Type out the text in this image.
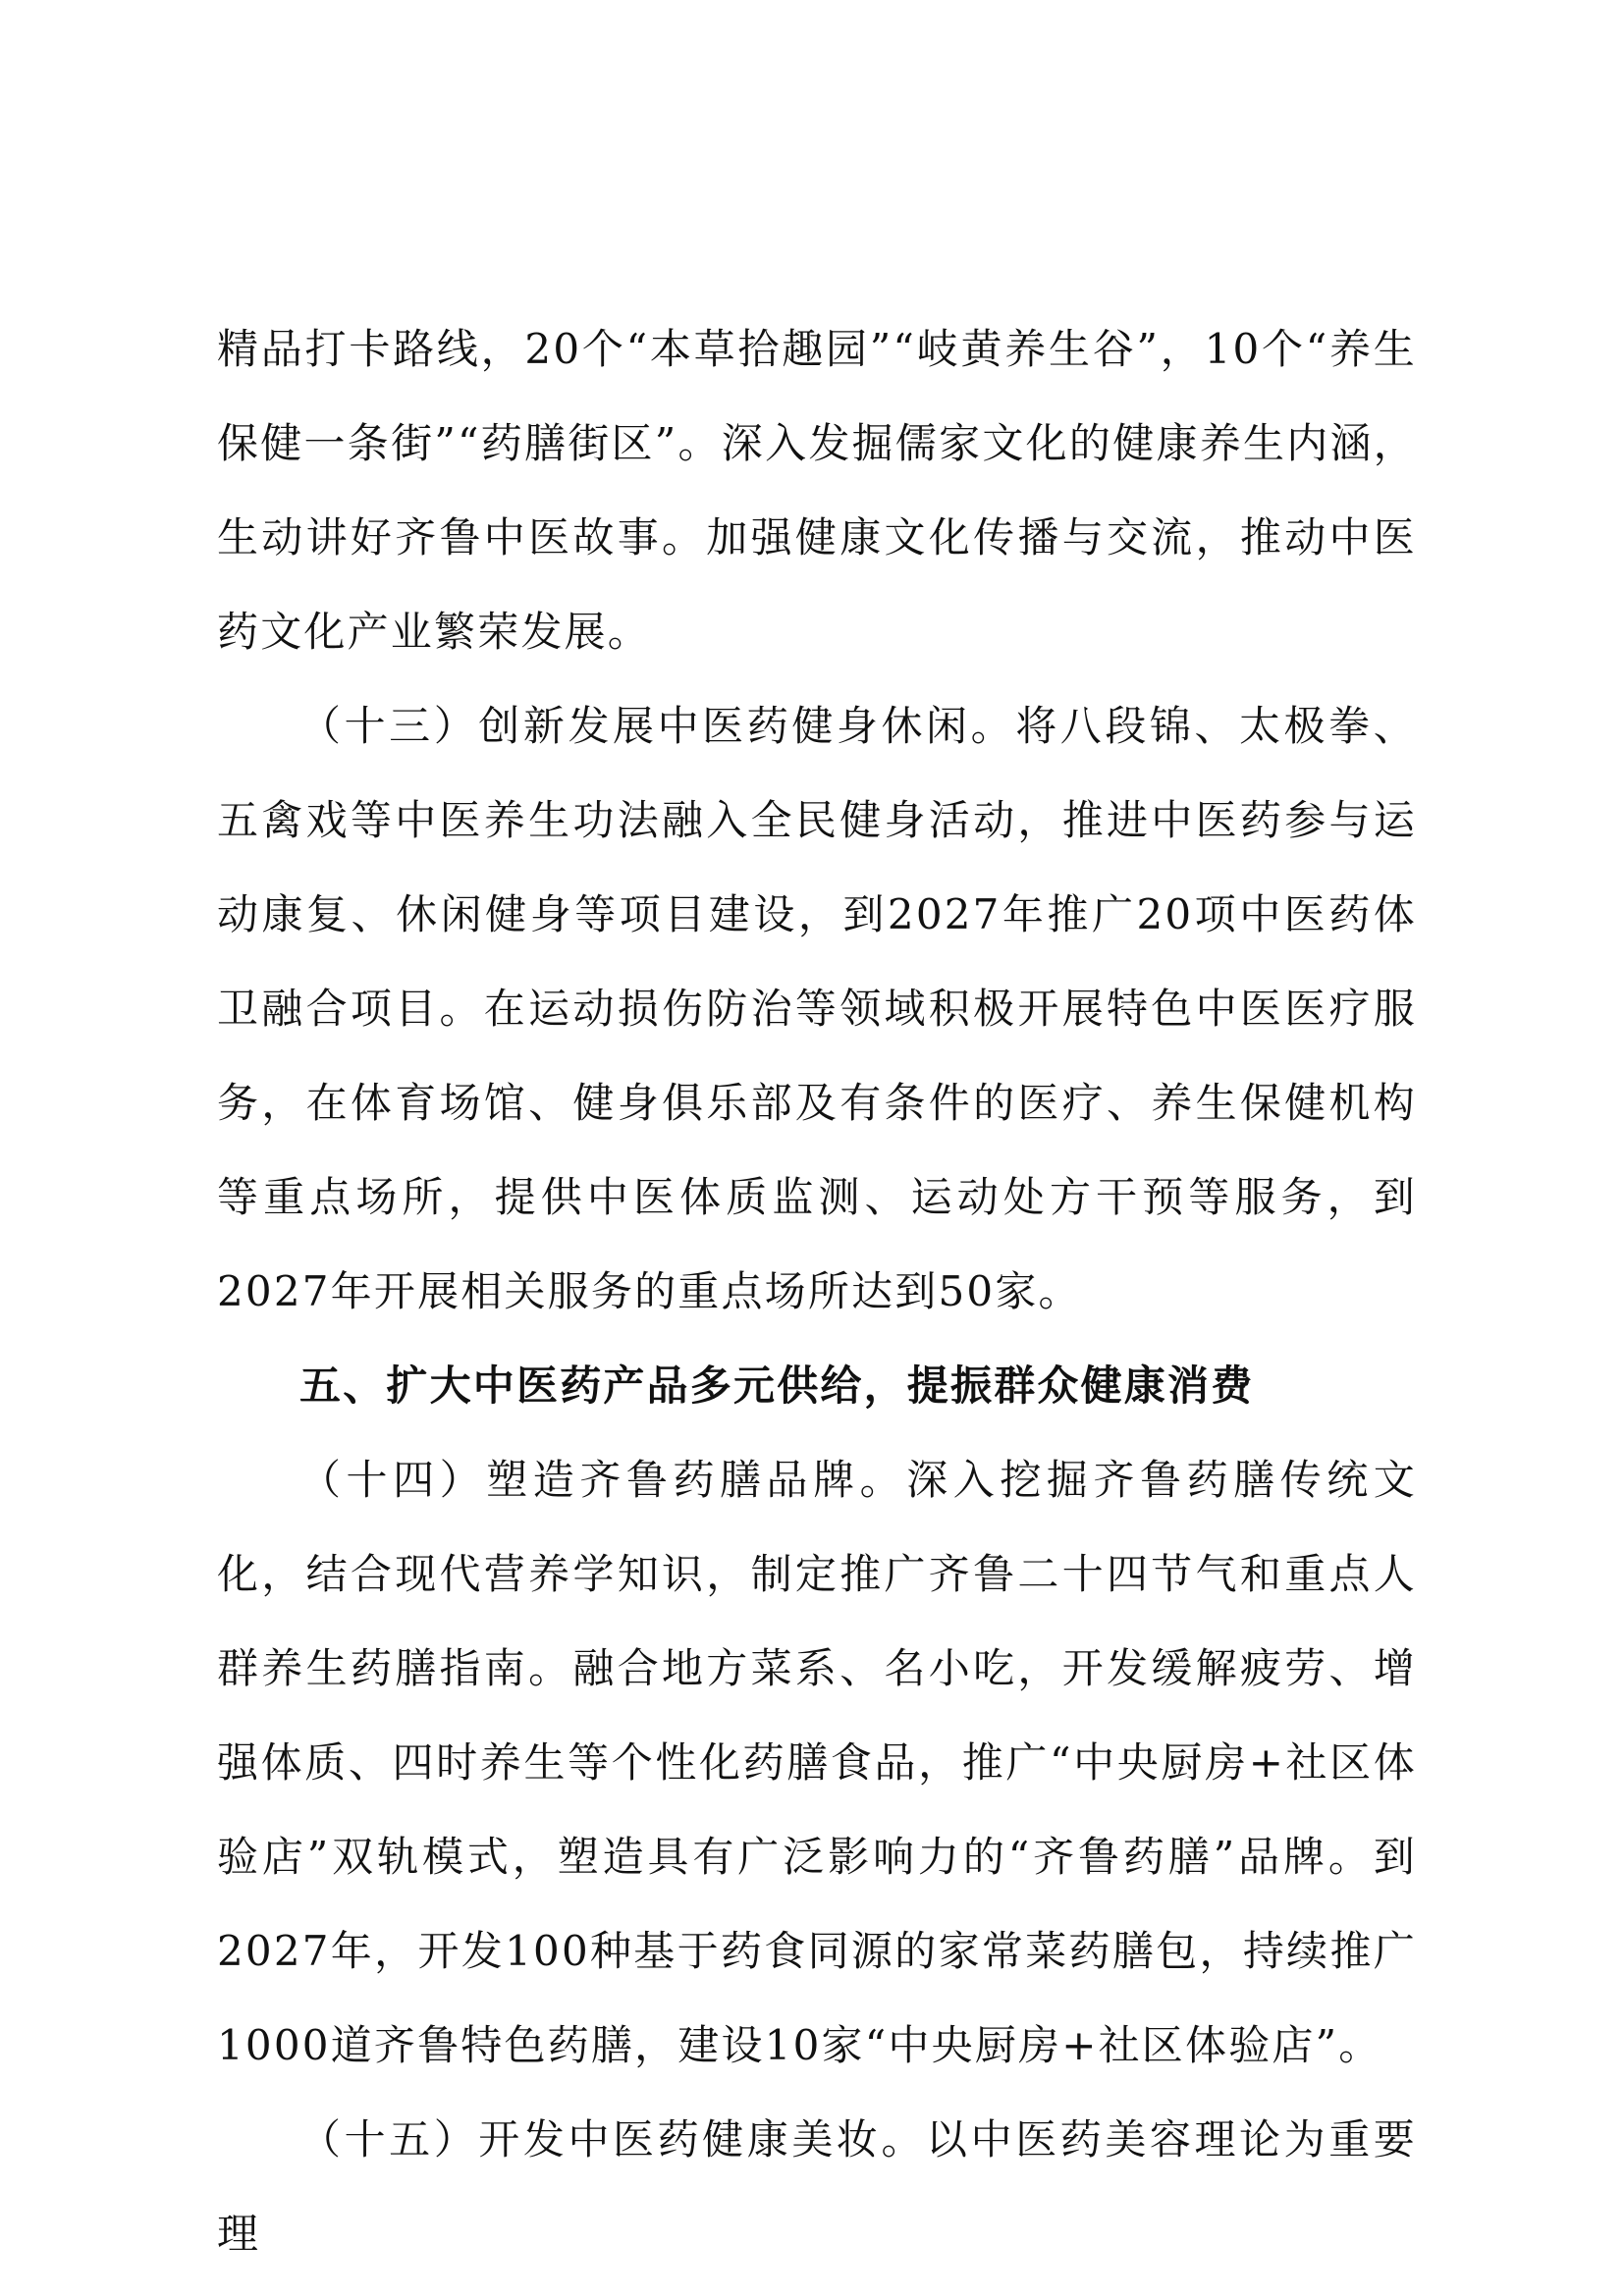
精品打卡路线，20个“本草拾趣园”“岐黄养生谷”，10个“养生保健一条街”“药膳街区”。深入发掘儒家文化的健康养生内涵，生动讲好齐鲁中医故事。加强健康文化传播与交流，推动中医药文化产业繁荣发展。

（十三）创新发展中医药健身休闲。将八段锦、太极拳、五禽戏等中医养生功法融入全民健身活动，推进中医药参与运动康复、休闲健身等项目建设，到2027年推广20项中医药体卫融合项目。在运动损伤防治等领域积极开展特色中医医疗服务，在体育场馆、健身俱乐部及有条件的医疗、养生保健机构等重点场所，提供中医体质监测、运动处方干预等服务，到2027年开展相关服务的重点场所达到50家。

五、扩大中医药产品多元供给，提振群众健康消费

（十四）塑造齐鲁药膳品牌。深入挖掘齐鲁药膳传统文化，结合现代营养学知识，制定推广齐鲁二十四节气和重点人群养生药膳指南。融合地方菜系、名小吃，开发缓解疲劳、增强体质、四时养生等个性化药膳食品，推广“中央厨房+社区体验店”双轨模式，塑造具有广泛影响力的“齐鲁药膳”品牌。到2027年，开发100种基于药食同源的家常菜药膳包，持续推广1000道齐鲁特色药膳，建设10家“中央厨房+社区体验店”。

（十五）开发中医药健康美妆。以中医药美容理论为重要理
